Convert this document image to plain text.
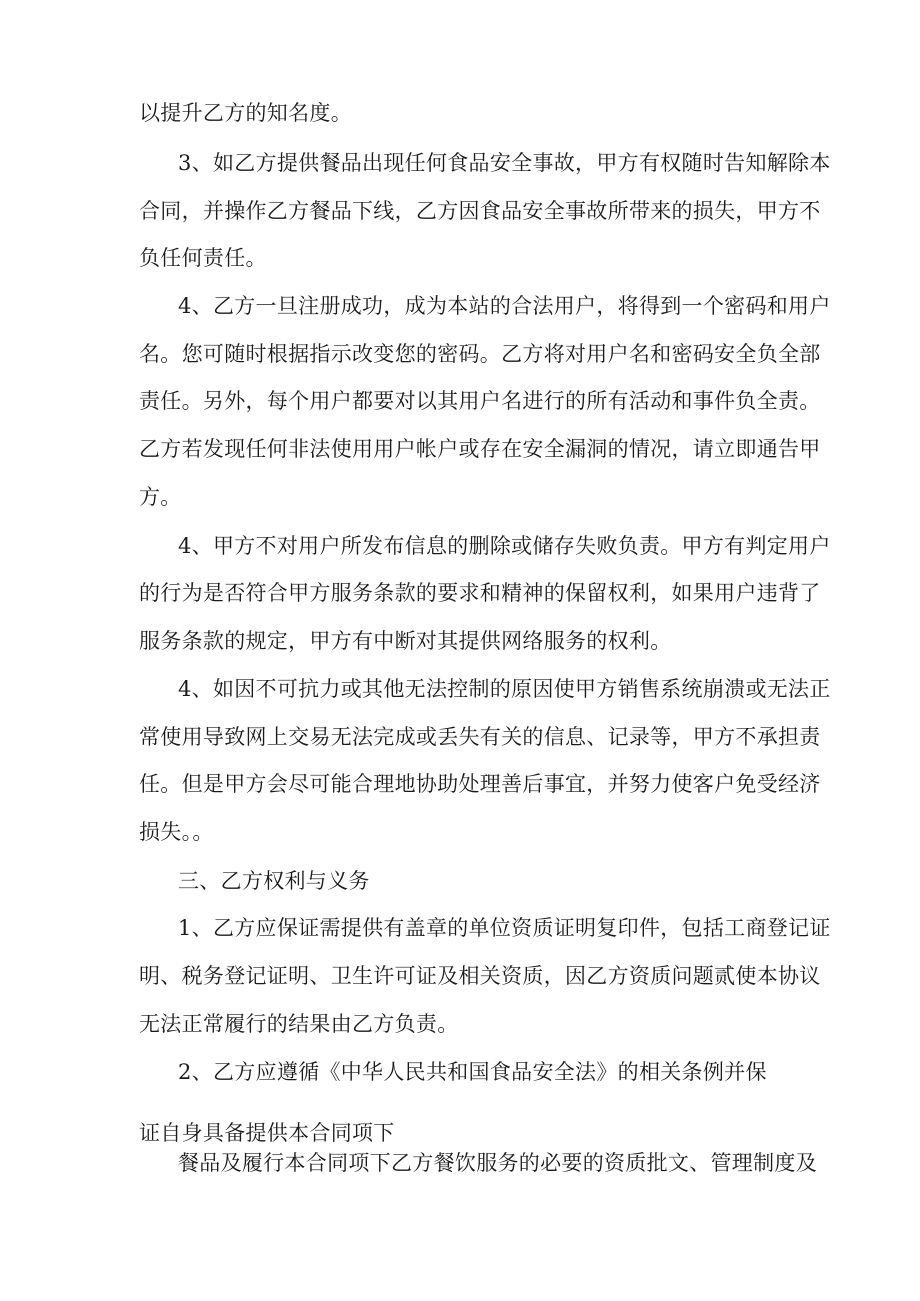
以提升乙方的知名度。
3、如乙方提供餐品出现任何食品安全事故，甲方有权随时告知解除本
合同，并操作乙方餐品下线，乙方因食品安全事故所带来的损失，甲方不
负任何责任。
4、乙方一旦注册成功，成为本站的合法用户，将得到一个密码和用户
名。您可随时根据指示改变您的密码。乙方将对用户名和密码安全负全部
责任。另外，每个用户都要对以其用户名进行的所有活动和事件负全责。
乙方若发现任何非法使用用户帐户或存在安全漏洞的情况，请立即通告甲
方。
4、甲方不对用户所发布信息的删除或储存失败负责。甲方有判定用户
的行为是否符合甲方服务条款的要求和精神的保留权利，如果用户违背了
服务条款的规定，甲方有中断对其提供网络服务的权利。
4、如因不可抗力或其他无法控制的原因使甲方销售系统崩溃或无法正
常使用导致网上交易无法完成或丢失有关的信息、记录等，甲方不承担责
任。但是甲方会尽可能合理地协助处理善后事宜，并努力使客户免受经济
损失。。
三、乙方权利与义务
1、乙方应保证需提供有盖章的单位资质证明复印件，包括工商登记证
明、税务登记证明、卫生许可证及相关资质，因乙方资质问题贰使本协议
无法正常履行的结果由乙方负责。
2、乙方应遵循《中华人民共和国食品安全法》的相关条例并保
证自身具备提供本合同项下
餐品及履行本合同项下乙方餐饮服务的必要的资质批文、管理制度及
